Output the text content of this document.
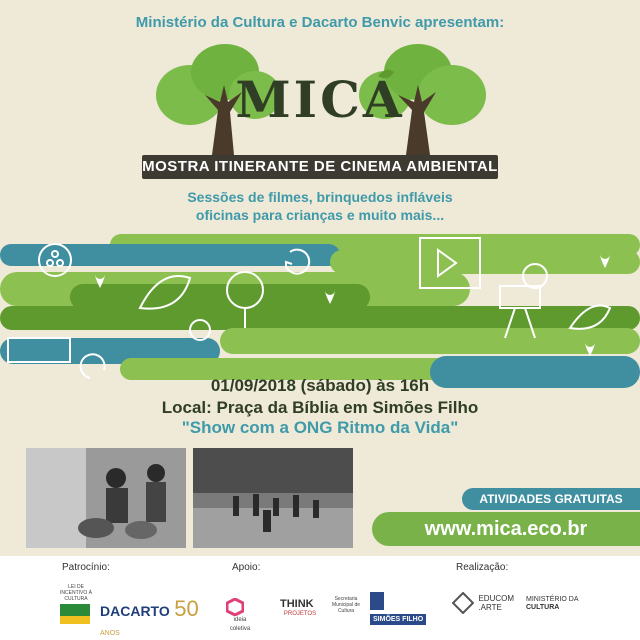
Ministério da Cultura e Dacarto Benvic apresentam:
MICA
MOSTRA ITINERANTE DE CINEMA AMBIENTAL
Sessões de filmes, brinquedos infláveis
oficinas para crianças e muito mais...
01/09/2018 (sábado) às 16h
Local: Praça da Bíblia em Simões Filho
"Show com a ONG Ritmo da Vida"
ATIVIDADES GRATUITAS
www.mica.eco.br
Patrocínio:	Apoio:	Realização:
LEI DE INCENTIVO À CULTURA
DACARTO 50 ANOS
ideia coletiva
THINK
PROJETOS
Secretaria Municipal de Cultura
SIMÕES FILHO
EDUCOM
.ARTE
MINISTÉRIO DA
CULTURA
